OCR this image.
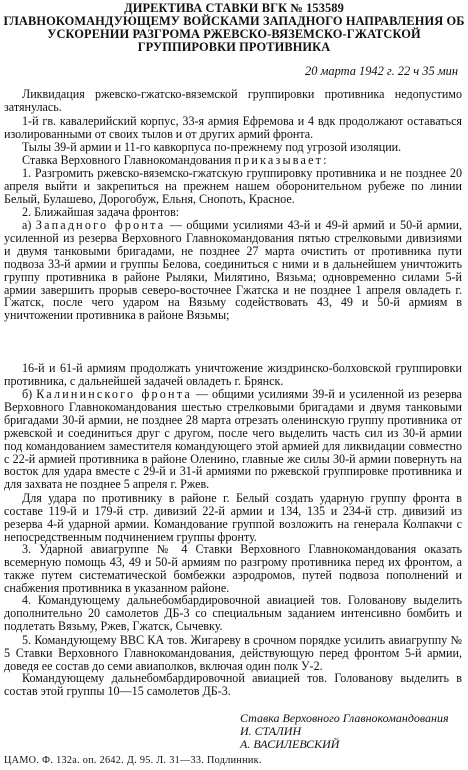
ДИРЕКТИВА СТАВКИ ВГК № 153589
ГЛАВНОКОМАНДУЮЩЕМУ ВОЙСКАМИ ЗАПАДНОГО НАПРАВЛЕНИЯ ОБ
УСКОРЕНИИ РАЗГРОМА РЖЕВСКО-ВЯЗЕМСКО-ГЖАТСКОЙ
ГРУППИРОВКИ ПРОТИВНИКА
20 марта 1942 г. 22 ч 35 мин

Ликвидация ржевско-гжатско-вяземской группировки противника недопустимо затянулась.

1-й гв. кавалерийский корпус, 33-я армия Ефремова и 4 вдк продолжают оставаться изолированными от своих тылов и от других армий фронта.

Тылы 39-й армии и 11-го кавкорпуса по-прежнему под угрозой изоляции.

Ставка Верховного Главнокомандования приказывает:

1. Разгромить ржевско-вяземско-гжатскую группировку противника и не позднее 20 апреля выйти и закрепиться на прежнем нашем оборонительном рубеже по линии Белый, Булашево, Дорогобуж, Ельня, Снопоть, Красное.

2. Ближайшая задача фронтов:

а) Западного фронта — общими усилиями 43-й и 49-й армий и 50-й армии, усиленной из резерва Верховного Главнокомандования пятью стрелковыми дивизиями и двумя танковыми бригадами, не позднее 27 марта очистить от противника пути подвоза 33-й армии и группы Белова, соединиться с ними и в дальнейшем уничтожить группу противника в районе Рыляки, Милятино, Вязьма; одновременно силами 5-й армии завершить прорыв северо-восточнее Гжатска и не позднее 1 апреля овладеть г. Гжатск, после чего ударом на Вязьму содействовать 43, 49 и 50-й армиям в уничтожении противника в районе Вязьмы;

16-й и 61-й армиям продолжать уничтожение жиздринско-болховской группировки противника, с дальнейшей задачей овладеть г. Брянск.

б) Калининского фронта — общими усилиями 39-й и усиленной из резерва Верховного Главнокомандования шестью стрелковыми бригадами и двумя танковыми бригадами 30-й армии, не позднее 28 марта отрезать оленинскую группу противника от ржевской и соединиться друг с другом, после чего выделить часть сил из 30-й армии под командованием заместителя командующего этой армией для ликвидации совместно с 22-й армией противника в районе Оленино, главные же силы 30-й армии повернуть на восток для удара вместе с 29-й и 31-й армиями по ржевской группировке противника и для захвата не позднее 5 апреля г. Ржев.

Для удара по противнику в районе г. Белый создать ударную группу фронта в составе 119-й и 179-й стр. дивизий 22-й армии и 134, 135 и 234-й стр. дивизий из резерва 4-й ударной армии. Командование группой возложить на генерала Колпакчи с непосредственным подчинением группы фронту.

3. Ударной авиагруппе № 4 Ставки Верховного Главнокомандования оказать всемерную помощь 43, 49 и 50-й армиям по разгрому противника перед их фронтом, а также путем систематической бомбежки аэродромов, путей подвоза пополнений и снабжения противника в указанном районе.

4. Командующему дальнебомбардировочной авиацией тов. Голованову выделить дополнительно 20 самолетов ДБ-3 со специальным заданием интенсивно бомбить и подлетать Вязьму, Ржев, Гжатск, Сычевку.

5. Командующему ВВС КА тов. Жигареву в срочном порядке усилить авиагруппу № 5 Ставки Верховного Главнокомандования, действующую перед фронтом 5-й армии, доведя ее состав до семи авиаполков, включая один полк У-2.

Командующему дальнебомбардировочной авиацией тов. Голованову выделить в состав этой группы 10—15 самолетов ДБ-3.

Ставка Верховного Главнокомандования
И. СТАЛИН
А. ВАСИЛЕВСКИЙ
ЦАМО. Ф. 132а. оп. 2642. Д. 95. Л. 31—33. Подлинник.
